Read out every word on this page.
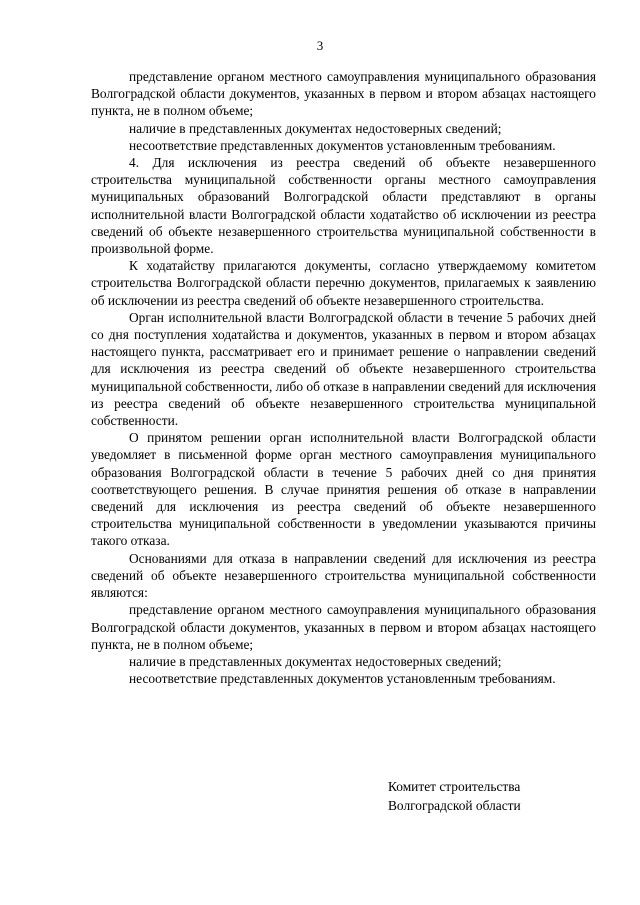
3

представление органом местного самоуправления муниципального образования Волгоградской области документов, указанных в первом и втором абзацах настоящего пункта, не в полном объеме;

наличие в представленных документах недостоверных сведений;

несоответствие представленных документов установленным требованиям.

4. Для исключения из реестра сведений об объекте незавершенного строительства муниципальной собственности органы местного самоуправления муниципальных образований Волгоградской области представляют в органы исполнительной власти Волгоградской области ходатайство об исключении из реестра сведений об объекте незавершенного строительства муниципальной собственности в произвольной форме.

К ходатайству прилагаются документы, согласно утверждаемому комитетом строительства Волгоградской области перечню документов, прилагаемых к заявлению об исключении из реестра сведений об объекте незавершенного строительства.

Орган исполнительной власти Волгоградской области в течение 5 рабочих дней со дня поступления ходатайства и документов, указанных в первом и втором абзацах настоящего пункта, рассматривает его и принимает решение о направлении сведений для исключения из реестра сведений об объекте незавершенного строительства муниципальной собственности, либо об отказе в направлении сведений для исключения из реестра сведений об объекте незавершенного строительства муниципальной собственности.

О принятом решении орган исполнительной власти Волгоградской области уведомляет в письменной форме орган местного самоуправления муниципального образования Волгоградской области в течение 5 рабочих дней со дня принятия соответствующего решения. В случае принятия решения об отказе в направлении сведений для исключения из реестра сведений об объекте незавершенного строительства муниципальной собственности в уведомлении указываются причины такого отказа.

Основаниями для отказа в направлении сведений для исключения из реестра сведений об объекте незавершенного строительства муниципальной собственности являются:

представление органом местного самоуправления муниципального образования Волгоградской области документов, указанных в первом и втором абзацах настоящего пункта, не в полном объеме;

наличие в представленных документах недостоверных сведений;

несоответствие представленных документов установленным требованиям.

Комитет строительства
Волгоградской области
